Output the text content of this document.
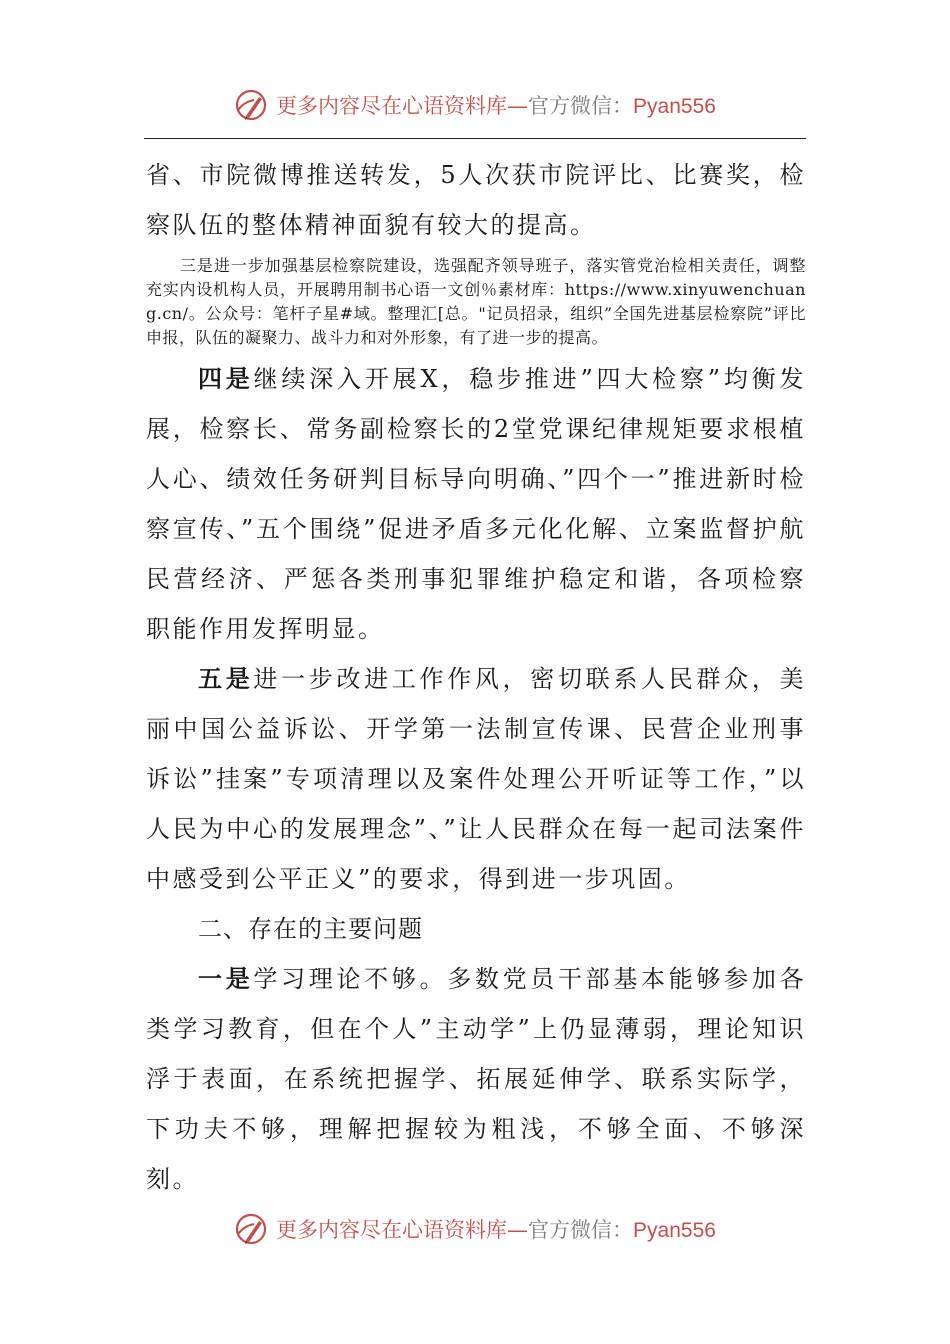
更多内容尽在心语资料库 — 官方微信： Pyan556

省、市院微博推送转发，5人次获市院评比、比赛奖，检察队伍的整体精神面貌有较大的提高。

三是进一步加强基层检察院建设，选强配齐领导班子，落实管党治检相关责任，调整充实内设机构人员，开展聘用制书心语一文创％素材库：https://www.xinyuwenchuang.cn/。公众号：笔杆子星#域。整理汇[总。"记员招录，组织”全国先进基层检察院”评比申报，队伍的凝聚力、战斗力和对外形象，有了进一步的提高。

四是继续深入开展X，稳步推进”四大检察”均衡发展，检察长、常务副检察长的2堂党课纪律规矩要求根植人心、绩效任务研判目标导向明确、”四个一”推进新时检察宣传、”五个围绕”促进矛盾多元化化解、立案监督护航民营经济、严惩各类刑事犯罪维护稳定和谐，各项检察职能作用发挥明显。

五是进一步改进工作作风，密切联系人民群众，美丽中国公益诉讼、开学第一法制宣传课、民营企业刑事诉讼”挂案”专项清理以及案件处理公开听证等工作，”以人民为中心的发展理念”、”让人民群众在每一起司法案件中感受到公平正义”的要求，得到进一步巩固。

二、存在的主要问题

一是学习理论不够。多数党员干部基本能够参加各类学习教育，但在个人”主动学”上仍显薄弱，理论知识浮于表面，在系统把握学、拓展延伸学、联系实际学，下功夫不够，理解把握较为粗浅，不够全面、不够深刻。

更多内容尽在心语资料库 — 官方微信： Pyan556
